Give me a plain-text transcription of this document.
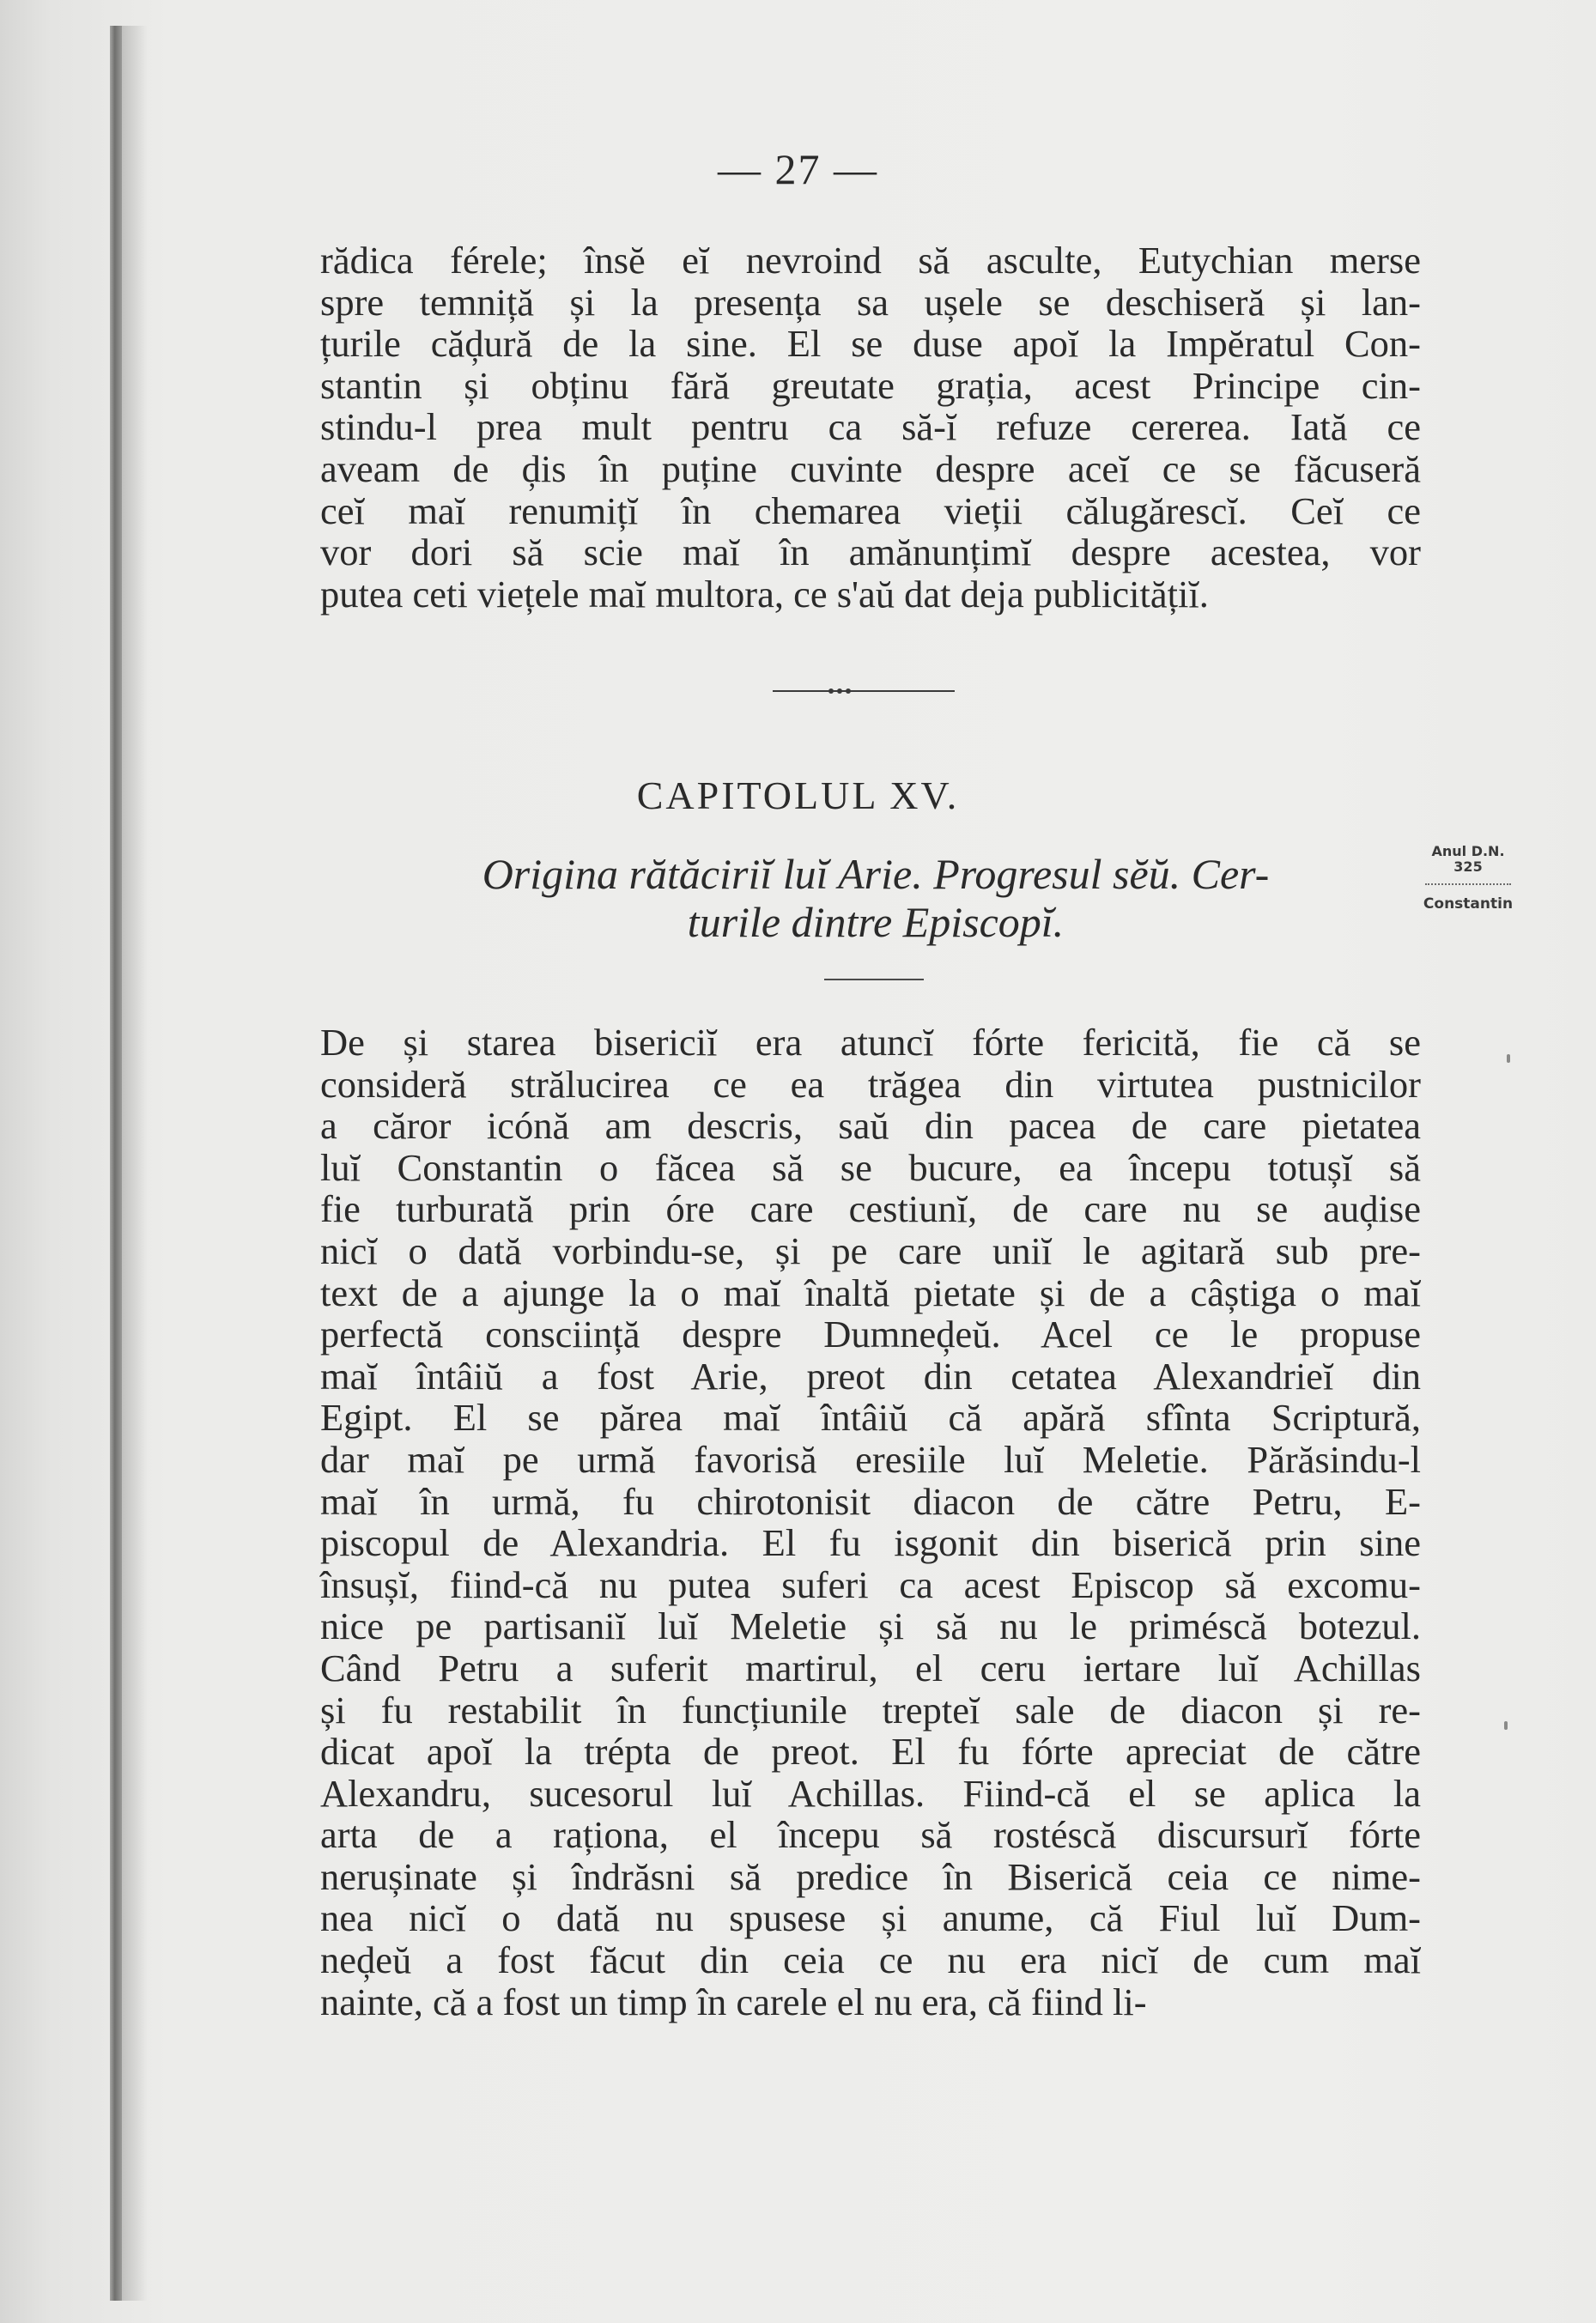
— 27 —
rădica férele; însĕ eĭ nevroind să asculte, Eutychian merse
spre temniță și la presența sa ușele se deschiseră și lan-
țurile căḑură de la sine. El se duse apoĭ la Impĕratul Con-
stantin și obținu fără greutate grația, acest Principe cin-
stindu-l prea mult pentru ca să-ĭ refuze cererea. Iată ce
aveam de ḑis în puține cuvinte despre aceĭ ce se făcuseră
ceĭ maĭ renumițĭ în chemarea vieții călugărescĭ. Ceĭ ce
vor dori să scie maĭ în amănunțimĭ despre acestea, vor
putea ceti viețele maĭ multora, ce s'aŭ dat deja publicitățiĭ.
CAPITOLUL XV.
Origina rătăciriĭ luĭ Arie. Progresul sĕŭ. Cer-
turile dintre Episcopĭ.
Anul D.N.
325
Constantin
De și starea bisericiĭ era atuncĭ fórte fericită, fie că se
consideră strălucirea ce ea trăgea din virtutea pustnicilor
a căror icónă am descris, saŭ din pacea de care pietatea
luĭ Constantin o făcea să se bucure, ea începu totușĭ să
fie turburată prin óre care cestiunĭ, de care nu se auḑise
nicĭ o dată vorbindu-se, și pe care uniĭ le agitară sub pre-
text de a ajunge la o maĭ înaltă pietate și de a câștiga o maĭ
perfectă consciință despre Dumneḑeŭ. Acel ce le propuse
maĭ întâiŭ a fost Arie, preot din cetatea Alexandrieĭ din
Egipt. El se părea maĭ întâiŭ că apără sfînta Scriptură,
dar maĭ pe urmă favorisă eresiile luĭ Meletie. Părăsindu-l
maĭ în urmă, fu chirotonisit diacon de către Petru, E-
piscopul de Alexandria. El fu isgonit din biserică prin sine
însușĭ, fiind-că nu putea suferi ca acest Episcop să excomu-
nice pe partisaniĭ luĭ Meletie și să nu le priméscă botezul.
Când Petru a suferit martirul, el ceru iertare luĭ Achillas
și fu restabilit în funcțiunile trepteĭ sale de diacon și re-
dicat apoĭ la trépta de preot. El fu fórte apreciat de către
Alexandru, sucesorul luĭ Achillas. Fiind-că el se aplica la
arta de a raționa, el începu să rostéscă discursurĭ fórte
nerușinate și îndrăsni să predice în Biserică ceia ce nime-
nea nicĭ o dată nu spusese și anume, că Fiul luĭ Dum-
neḑeŭ a fost făcut din ceia ce nu era nicĭ de cum maĭ
nainte, că a fost un timp în carele el nu era, că fiind li-
